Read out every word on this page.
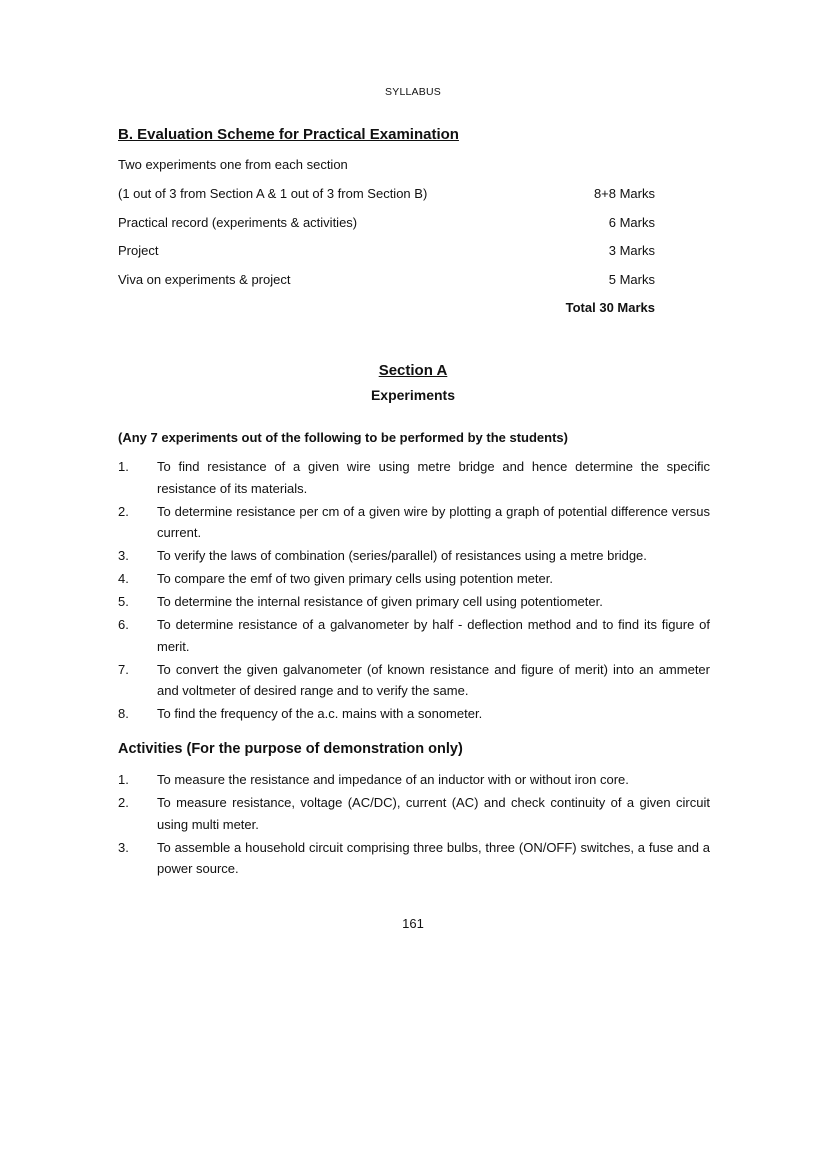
SYLLABUS
B. Evaluation Scheme for Practical Examination
Two experiments one from each section
(1 out of 3 from Section A & 1 out of 3 from Section B)	8+8 Marks
Practical record (experiments & activities)	6 Marks
Project	3 Marks
Viva on experiments & project	5 Marks
Total 30 Marks
Section A
Experiments
(Any 7 experiments out of the following to be performed by the students)
1.	To find resistance of a given wire using metre bridge and hence determine the specific resistance of its materials.
2.	To determine resistance per cm of a given wire by plotting a graph of potential difference versus current.
3.	To verify the laws of combination (series/parallel) of resistances using a metre bridge.
4.	To compare the emf of two given primary cells using potention meter.
5.	To determine the internal resistance of given primary cell using potentiometer.
6.	To determine resistance of a galvanometer by half - deflection method and to find its figure of merit.
7.	To convert the given galvanometer (of known resistance and figure of merit) into an ammeter and voltmeter of desired range and to verify the same.
8.	To find the frequency of the a.c. mains with a sonometer.
Activities (For the purpose of demonstration only)
1.	To measure the resistance and impedance of an inductor with or without iron core.
2.	To measure resistance, voltage (AC/DC), current (AC) and check continuity of a given circuit using multi meter.
3.	To assemble a household circuit comprising three bulbs, three (ON/OFF) switches, a fuse and a power source.
161
